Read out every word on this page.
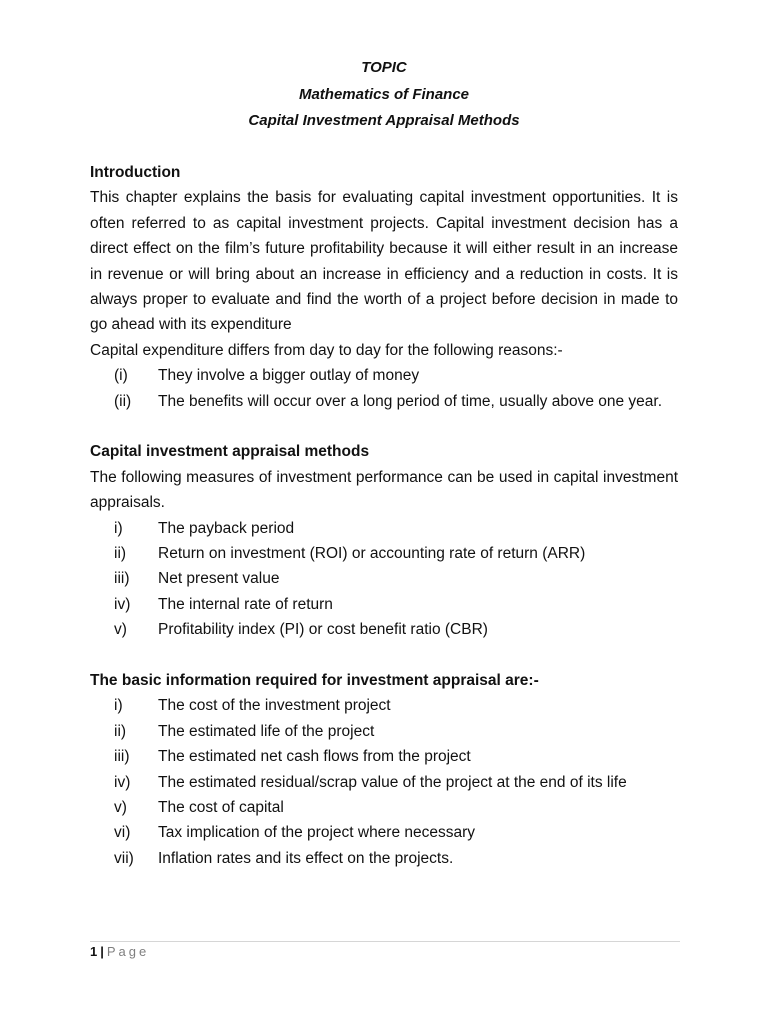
TOPIC
Mathematics of Finance
Capital Investment Appraisal Methods
Introduction
This chapter explains the basis for evaluating capital investment opportunities. It is often referred to as capital investment projects. Capital investment decision has a direct effect on the film’s future profitability because it will either result in an increase in revenue or will bring about an increase in efficiency and a reduction in costs. It is always proper to evaluate and find the worth of a project before decision in made to go ahead with its expenditure
Capital expenditure differs from day to day for the following reasons:-
(i)	They involve a bigger outlay of money
(ii)	The benefits will occur over a long period of time, usually above one year.
Capital investment appraisal methods
The following measures of investment performance can be used in capital investment appraisals.
i)	The payback period
ii)	Return on investment (ROI) or accounting rate of return (ARR)
iii)	Net present value
iv)	The internal rate of return
v)	Profitability index (PI) or cost benefit ratio (CBR)
The basic information required for investment appraisal are:-
i)	The cost of the investment project
ii)	The estimated life of the project
iii)	The estimated net cash flows from the project
iv)	The estimated residual/scrap value of the project at the end of its life
v)	The cost of capital
vi)	Tax implication of the project where necessary
vii)	Inflation rates and its effect on the projects.
1 | Page
